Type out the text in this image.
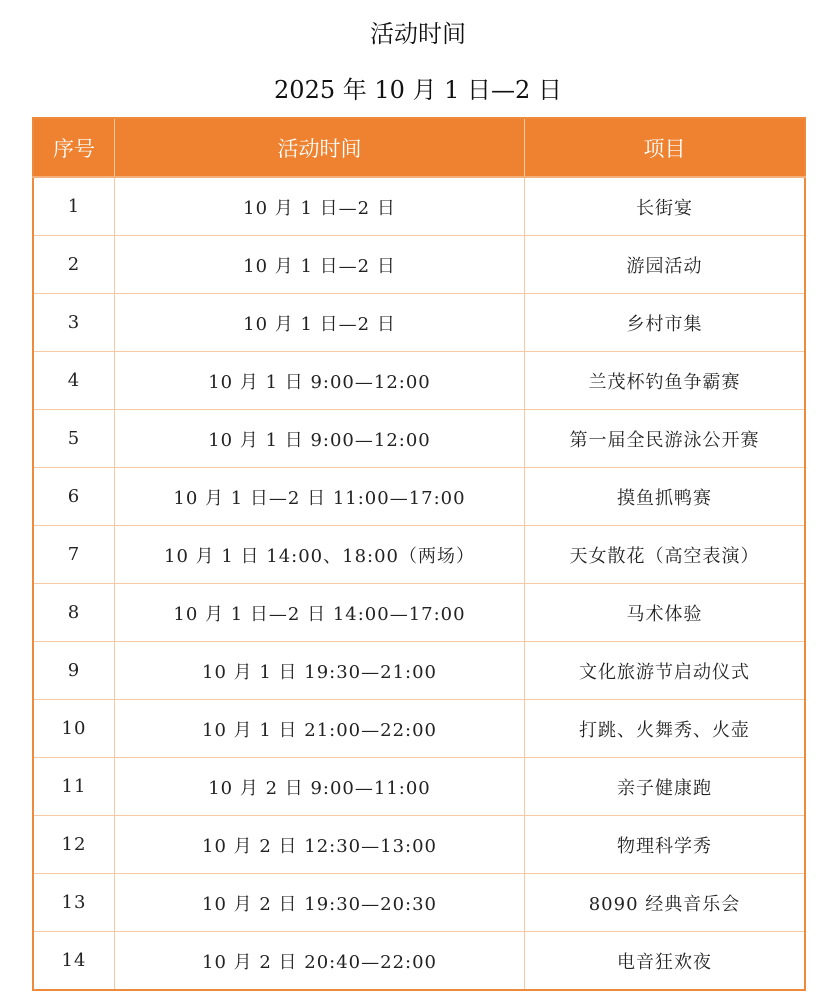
活动时间
2025 年 10 月 1 日—2 日
序号	活动时间	项目
1	10 月 1 日—2 日	长街宴
2	10 月 1 日—2 日	游园活动
3	10 月 1 日—2 日	乡村市集
4	10 月 1 日 9:00—12:00	兰茂杯钓鱼争霸赛
5	10 月 1 日 9:00—12:00	第一届全民游泳公开赛
6	10 月 1 日—2 日 11:00—17:00	摸鱼抓鸭赛
7	10 月 1 日 14:00、18:00（两场）	天女散花（高空表演）
8	10 月 1 日—2 日 14:00—17:00	马术体验
9	10 月 1 日 19:30—21:00	文化旅游节启动仪式
10	10 月 1 日 21:00—22:00	打跳、火舞秀、火壶
11	10 月 2 日 9:00—11:00	亲子健康跑
12	10 月 2 日 12:30—13:00	物理科学秀
13	10 月 2 日 19:30—20:30	8090 经典音乐会
14	10 月 2 日 20:40—22:00	电音狂欢夜
